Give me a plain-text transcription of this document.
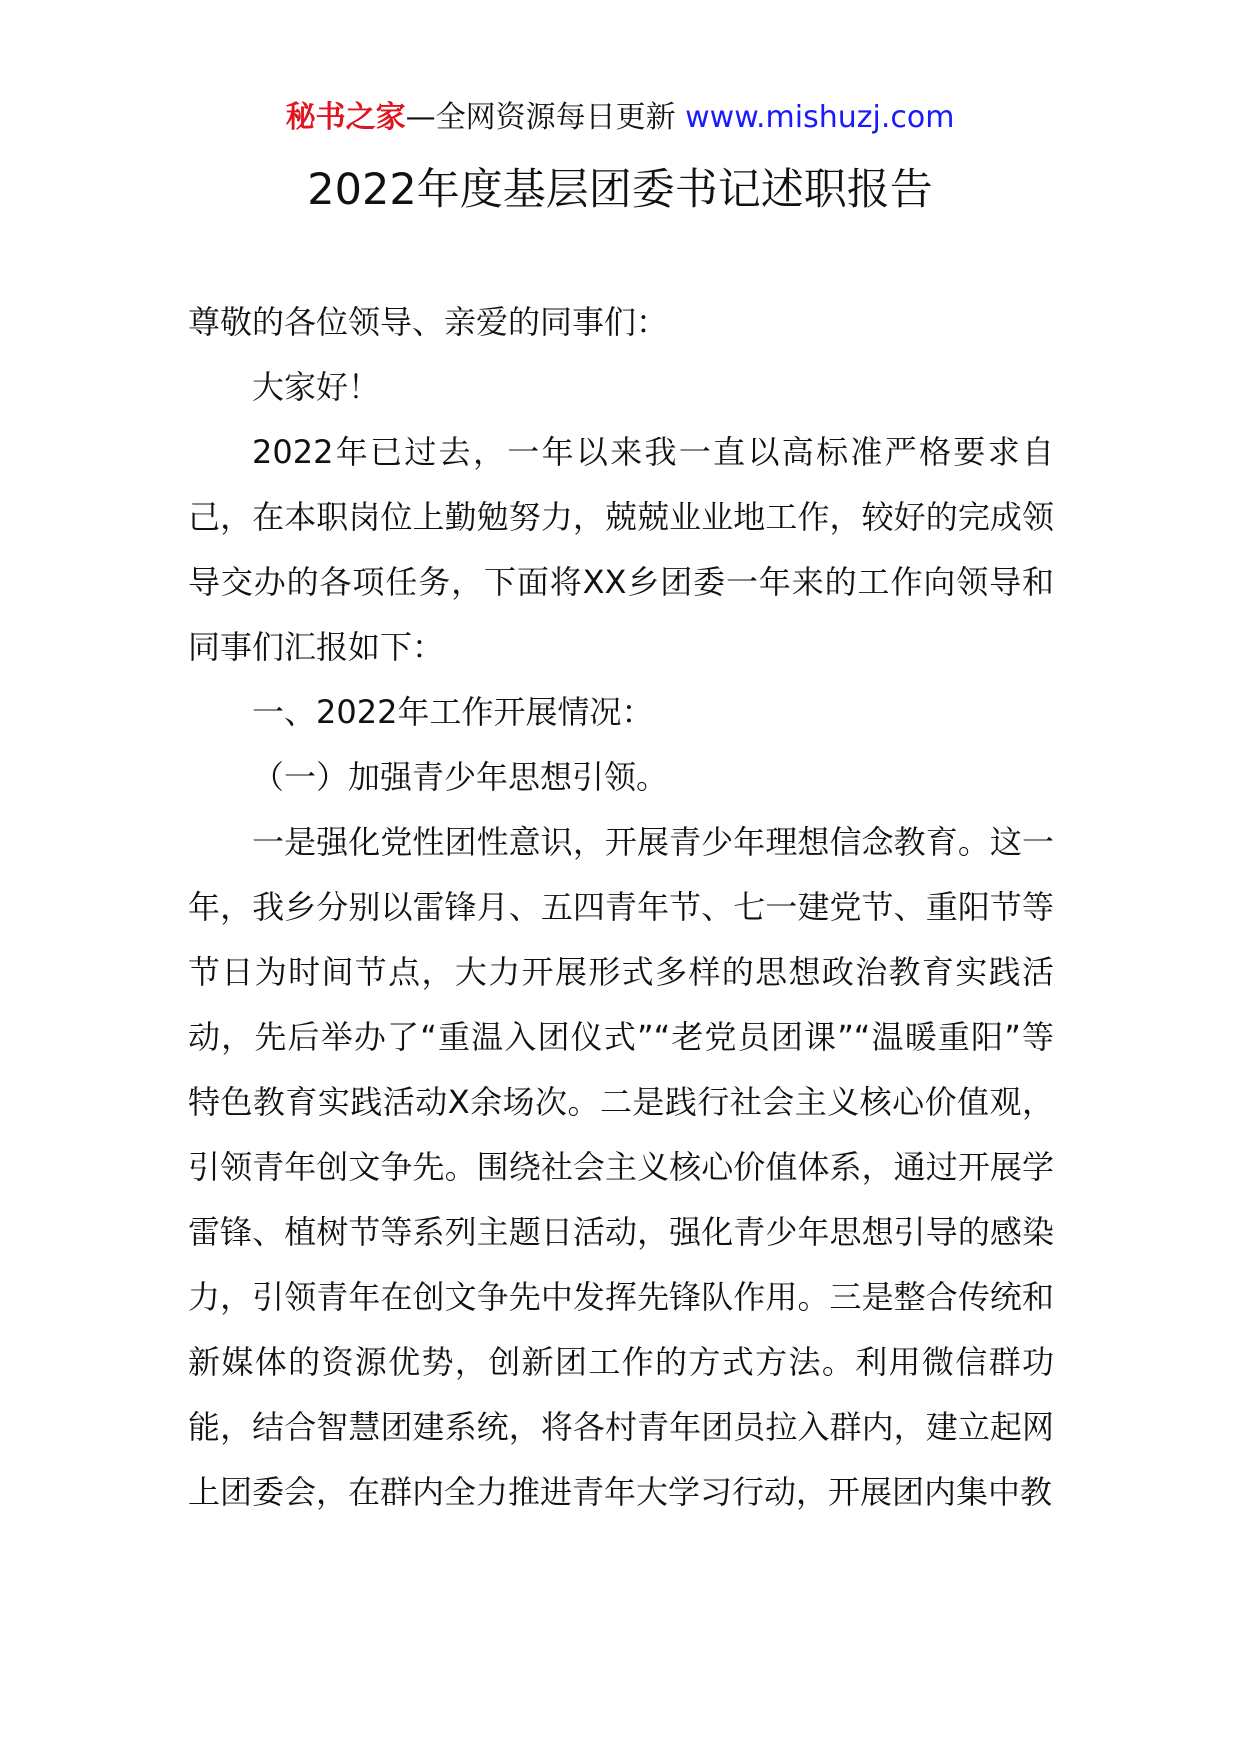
秘书之家—全网资源每日更新 www.mishuzj.com
2022年度基层团委书记述职报告

尊敬的各位领导、亲爱的同事们：

大家好！

2022年已过去，一年以来我一直以高标准严格要求自己，在本职岗位上勤勉努力，兢兢业业地工作，较好的完成领导交办的各项任务，下面将XX乡团委一年来的工作向领导和同事们汇报如下：

一、2022年工作开展情况：

（一）加强青少年思想引领。

一是强化党性团性意识，开展青少年理想信念教育。这一年，我乡分别以雷锋月、五四青年节、七一建党节、重阳节等节日为时间节点，大力开展形式多样的思想政治教育实践活动，先后举办了“重温入团仪式”“老党员团课”“温暖重阳”等特色教育实践活动X余场次。二是践行社会主义核心价值观，引领青年创文争先。围绕社会主义核心价值体系，通过开展学雷锋、植树节等系列主题日活动，强化青少年思想引导的感染力，引领青年在创文争先中发挥先锋队作用。三是整合传统和新媒体的资源优势，创新团工作的方式方法。利用微信群功能，结合智慧团建系统，将各村青年团员拉入群内，建立起网上团委会，在群内全力推进青年大学习行动，开展团内集中教
